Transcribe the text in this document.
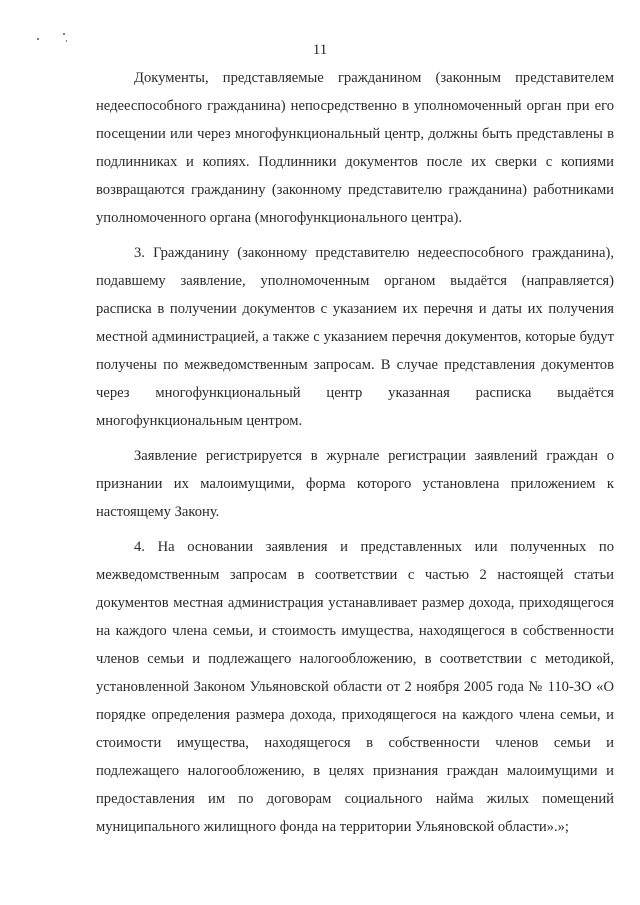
11

Документы, представляемые гражданином (законным представителем недееспособного гражданина) непосредственно в уполномоченный орган при его посещении или через многофункциональный центр, должны быть представлены в подлинниках и копиях. Подлинники документов после их сверки с копиями возвращаются гражданину (законному представителю гражданина) работниками уполномоченного органа (многофункционального центра).

3. Гражданину (законному представителю недееспособного гражданина), подавшему заявление, уполномоченным органом выдаётся (направляется) расписка в получении документов с указанием их перечня и даты их получения местной администрацией, а также с указанием перечня документов, которые будут получены по межведомственным запросам. В случае представления документов через многофункциональный центр указанная расписка выдаётся многофункциональным центром.

Заявление регистрируется в журнале регистрации заявлений граждан о признании их малоимущими, форма которого установлена приложением к настоящему Закону.

4. На основании заявления и представленных или полученных по межведомственным запросам в соответствии с частью 2 настоящей статьи документов местная администрация устанавливает размер дохода, приходящегося на каждого члена семьи, и стоимость имущества, находящегося в собственности членов семьи и подлежащего налогообложению, в соответствии с методикой, установленной Законом Ульяновской области от 2 ноября 2005 года № 110-ЗО «О порядке определения размера дохода, приходящегося на каждого члена семьи, и стоимости имущества, находящегося в собственности членов семьи и подлежащего налогообложению, в целях признания граждан малоимущими и предоставления им по договорам социального найма жилых помещений муниципального жилищного фонда на территории Ульяновской области».»;
